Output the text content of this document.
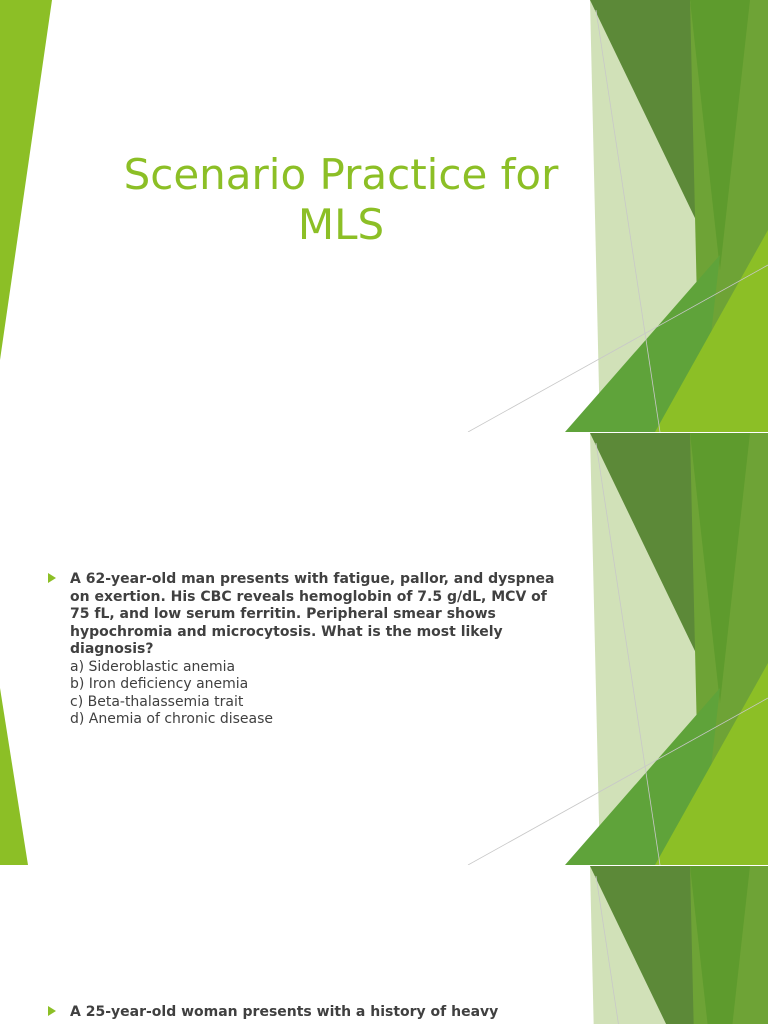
Scenario Practice for MLS
A 62-year-old man presents with fatigue, pallor, and dyspnea on exertion. His CBC reveals hemoglobin of 7.5 g/dL, MCV of 75 fL, and low serum ferritin. Peripheral smear shows hypochromia and microcytosis. What is the most likely diagnosis?
a) Sideroblastic anemia
b) Iron deficiency anemia
c) Beta-thalassemia trait
d) Anemia of chronic disease
A 25-year-old woman presents with a history of heavy
